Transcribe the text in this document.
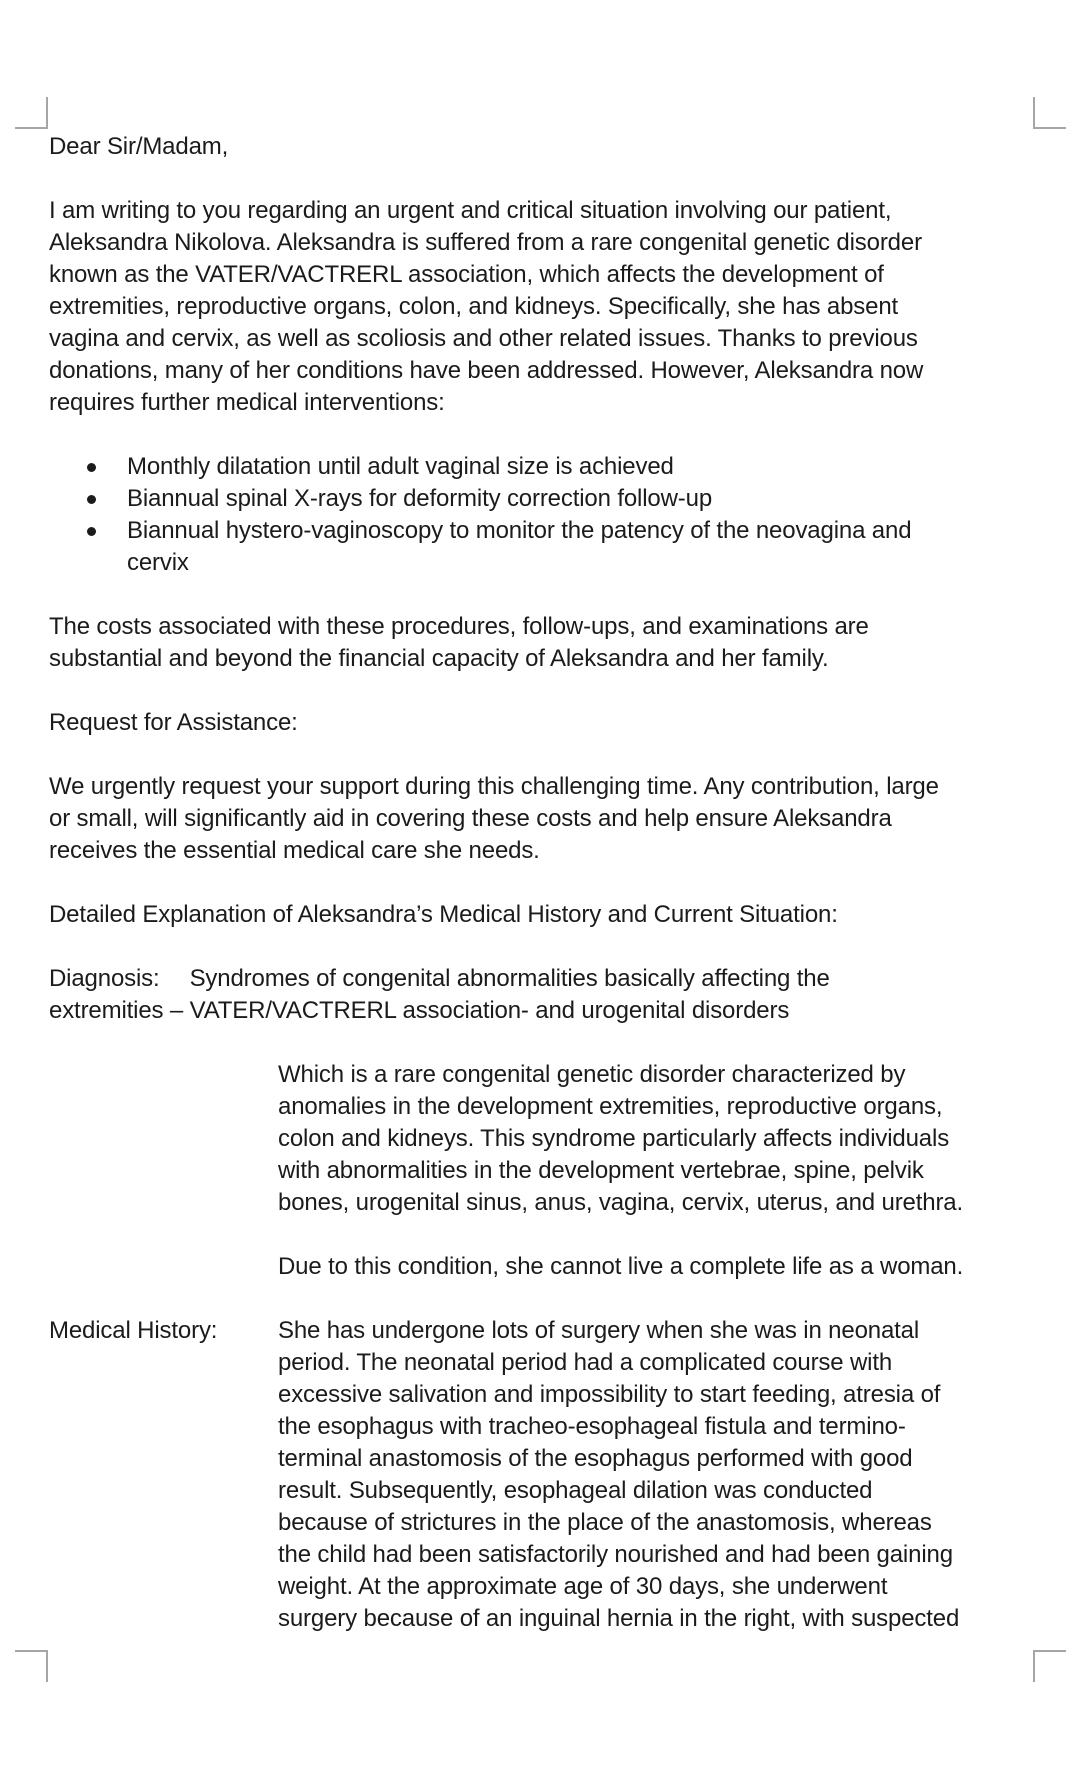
Dear Sir/Madam,
I am writing to you regarding an urgent and critical situation involving our patient,
Aleksandra Nikolova. Aleksandra is suffered from a rare congenital genetic disorder
known as the VATER/VACTRERL association, which affects the development of
extremities, reproductive organs, colon, and kidneys. Specifically, she has absent
vagina and cervix, as well as scoliosis and other related issues. Thanks to previous
donations, many of her conditions have been addressed. However, Aleksandra now
requires further medical interventions:
Monthly dilatation until adult vaginal size is achieved
Biannual spinal X-rays for deformity correction follow-up
Biannual hystero-vaginoscopy to monitor the patency of the neovagina and
cervix
The costs associated with these procedures, follow-ups, and examinations are
substantial and beyond the financial capacity of Aleksandra and her family.
Request for Assistance:
We urgently request your support during this challenging time. Any contribution, large
or small, will significantly aid in covering these costs and help ensure Aleksandra
receives the essential medical care she needs.
Detailed Explanation of Aleksandra’s Medical History and Current Situation:
Diagnosis: Syndromes of congenital abnormalities basically affecting the
extremities – VATER/VACTRERL association- and urogenital disorders
Which is a rare congenital genetic disorder characterized by
anomalies in the development extremities, reproductive organs,
colon and kidneys. This syndrome particularly affects individuals
with abnormalities in the development vertebrae, spine, pelvik
bones, urogenital sinus, anus, vagina, cervix, uterus, and urethra.
Due to this condition, she cannot live a complete life as a woman.
Medical History:	She has undergone lots of surgery when she was in neonatal
period. The neonatal period had a complicated course with
excessive salivation and impossibility to start feeding, atresia of
the esophagus with tracheo-esophageal fistula and termino-
terminal anastomosis of the esophagus performed with good
result. Subsequently, esophageal dilation was conducted
because of strictures in the place of the anastomosis, whereas
the child had been satisfactorily nourished and had been gaining
weight. At the approximate age of 30 days, she underwent
surgery because of an inguinal hernia in the right, with suspected
